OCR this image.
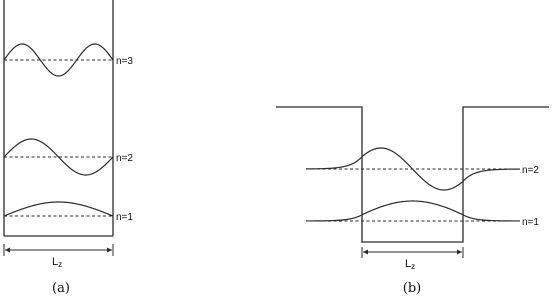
n=3
n=2
n=1
Lz
(a)
n=2
n=1
Lz
(b)
